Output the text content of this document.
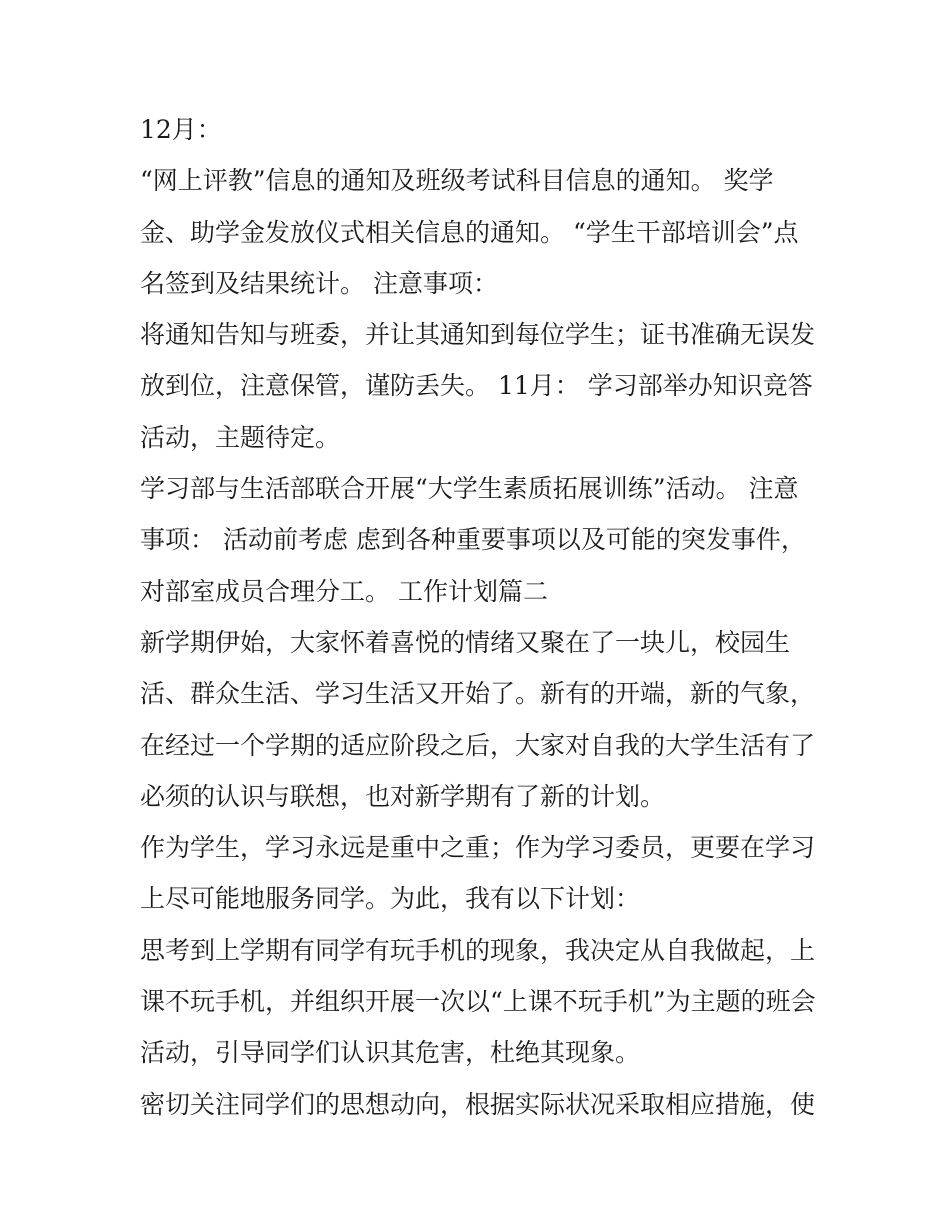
12月：
“网上评教”信息的通知及班级考试科目信息的通知。 奖学
金、助学金发放仪式相关信息的通知。 “学生干部培训会”点
名签到及结果统计。 注意事项：
将通知告知与班委，并让其通知到每位学生；证书准确无误发
放到位，注意保管，谨防丢失。 11月： 学习部举办知识竞答
活动，主题待定。
学习部与生活部联合开展“大学生素质拓展训练”活动。 注意
事项： 活动前考虑 虑到各种重要事项以及可能的突发事件，
对部室成员合理分工。 工作计划篇二
新学期伊始，大家怀着喜悦的情绪又聚在了一块儿，校园生
活、群众生活、学习生活又开始了。新有的开端，新的气象，
在经过一个学期的适应阶段之后，大家对自我的大学生活有了
必须的认识与联想，也对新学期有了新的计划。
作为学生，学习永远是重中之重；作为学习委员，更要在学习
上尽可能地服务同学。为此，我有以下计划：
思考到上学期有同学有玩手机的现象，我决定从自我做起，上
课不玩手机，并组织开展一次以“上课不玩手机”为主题的班会
活动，引导同学们认识其危害，杜绝其现象。
密切关注同学们的思想动向，根据实际状况采取相应措施，使
